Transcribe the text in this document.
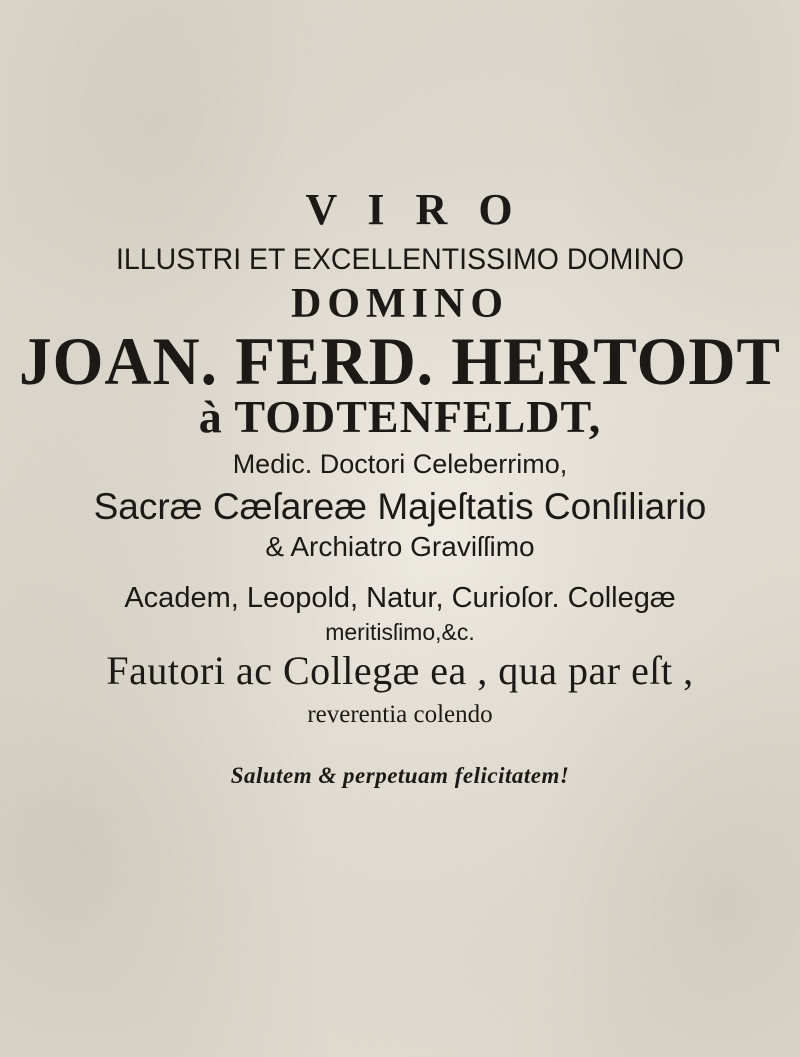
V I R O
ILLUSTRI ET EXCELLENTISSIMO DOMINO
DOMINO
JOAN. FERD. HERTODT
à TODTENFELDT,
Medic. Doctori Celeberrimo,
Sacræ Cæſareæ Majeſtatis Conſiliario
& Archiatro Graviſſimo
Academ, Leopold, Natur, Curioſor. Collegæ
meritisſimo,&c.
Fautori ac Collegæ ea , qua par eſt ,
reverentia colendo
Salutem & perpetuam felicitatem!
